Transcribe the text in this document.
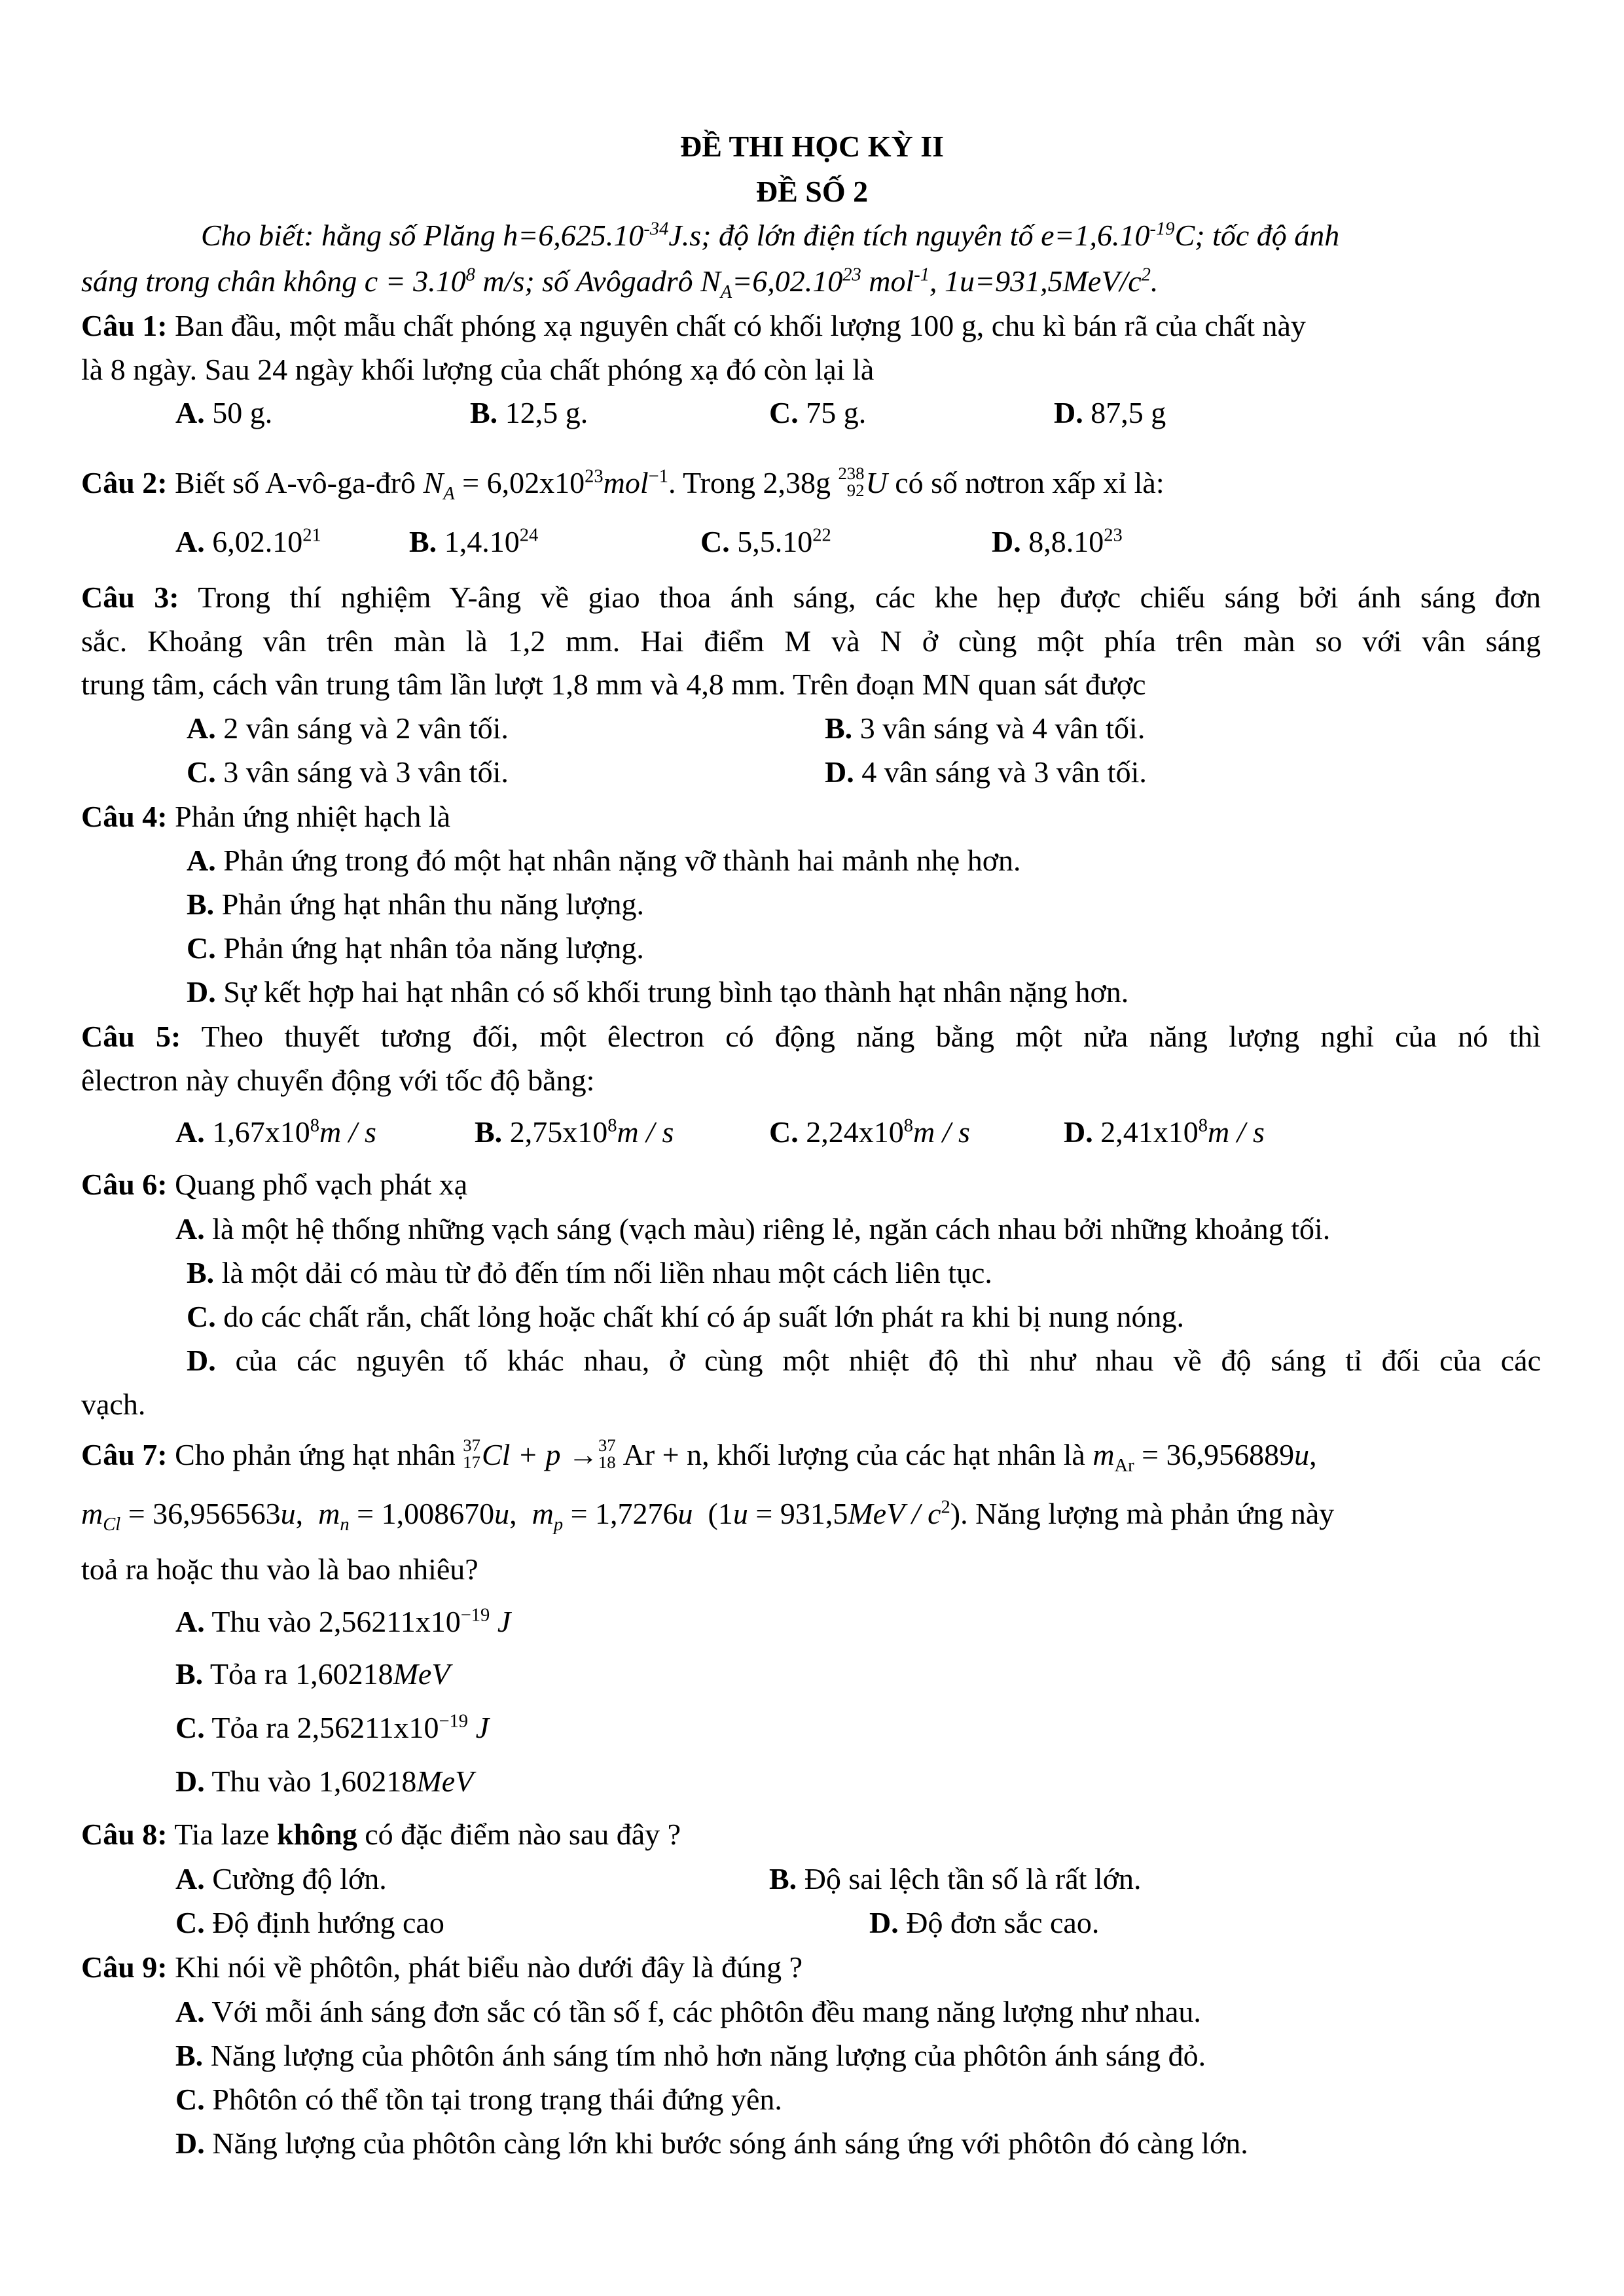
ĐỀ THI HỌC KỲ II
ĐỀ SỐ 2
Cho biết: hằng số Plăng $h=6,625.10^{-34}J.s$; độ lớn điện tích nguyên tố $e=1,6.10^{-19}C$; tốc độ ánh
sáng trong chân không $c = 3.10^8$ m/s; số Avôgadrô $N_A=6,02.10^{23}$ mol$^{-1}$, $1u=931,5MeV/c^2$.
Câu 1: Ban đầu, một mẫu chất phóng xạ nguyên chất có khối lượng 100 g, chu kì bán rã của chất này
là 8 ngày. Sau 24 ngày khối lượng của chất phóng xạ đó còn lại là
A. 50 g.	B. 12,5 g.	C. 75 g.	D. 87,5 g
Câu 2: Biết số A-vô-ga-đrô $N_A = 6,02x10^{23}mol^{-1}$. Trong 2,38g 238
92 U có số nơtron xấp xỉ là:
A. 6,02.10$^{21}$	B. 1,4.10$^{24}$	C. 5,5.10$^{22}$	D. 8,8.10$^{23}$
Câu 3: Trong thí nghiệm Y-âng về giao thoa ánh sáng, các khe hẹp được chiếu sáng bởi ánh sáng đơn
sắc. Khoảng vân trên màn là 1,2 mm. Hai điểm M và N ở cùng một phía trên màn so với vân sáng
trung tâm, cách vân trung tâm lần lượt 1,8 mm và 4,8 mm. Trên đoạn MN quan sát được
A. 2 vân sáng và 2 vân tối.	B. 3 vân sáng và 4 vân tối.
C. 3 vân sáng và 3 vân tối.	D. 4 vân sáng và 3 vân tối.
Câu 4: Phản ứng nhiệt hạch là
A. Phản ứng trong đó một hạt nhân nặng vỡ thành hai mảnh nhẹ hơn.
B. Phản ứng hạt nhân thu năng lượng.
C. Phản ứng hạt nhân tỏa năng lượng.
D. Sự kết hợp hai hạt nhân có số khối trung bình tạo thành hạt nhân nặng hơn.
Câu 5: Theo thuyết tương đối, một êlectron có động năng bằng một nửa năng lượng nghỉ của nó thì
êlectron này chuyển động với tốc độ bằng:
A. $1,67x10^8m$ / s	B. $2,75x10^8m$ / s	C. $2,24x10^8m$ / s	D. $2,41x10^8m$ / s
Câu 6: Quang phổ vạch phát xạ
A. là một hệ thống những vạch sáng (vạch màu) riêng lẻ, ngăn cách nhau bởi những khoảng tối.
B. là một dải có màu từ đỏ đến tím nối liền nhau một cách liên tục.
C. do các chất rắn, chất lỏng hoặc chất khí có áp suất lớn phát ra khi bị nung nóng.
D. của các nguyên tố khác nhau, ở cùng một nhiệt độ thì như nhau về độ sáng tỉ đối của các
vạch.
Câu 7: Cho phản ứng hạt nhân 37
17 Cl + p → 37
18 Ar + n, khối lượng của các hạt nhân là $m_{Ar} = 36,956889u$,
$m_{Cl} = 36,956563u$,  $m_n = 1,008670u$,  $m_p = 1,7276u$ $(1u = 931,5MeV / c^2)$. Năng lượng mà phản ứng này
toả ra hoặc thu vào là bao nhiêu?
A. Thu vào $2,56211x10^{-19}$ J
B. Tỏa ra 1,60218MeV
C. Tỏa ra $2,56211x10^{-19}$ J
D. Thu vào 1,60218MeV
Câu 8: Tia laze không có đặc điểm nào sau đây ?
A. Cường độ lớn.	B. Độ sai lệch tần số là rất lớn.
C. Độ định hướng cao	D. Độ đơn sắc cao.
Câu 9: Khi nói về phôtôn, phát biểu nào dưới đây là đúng ?
A. Với mỗi ánh sáng đơn sắc có tần số f, các phôtôn đều mang năng lượng như nhau.
B. Năng lượng của phôtôn ánh sáng tím nhỏ hơn năng lượng của phôtôn ánh sáng đỏ.
C. Phôtôn có thể tồn tại trong trạng thái đứng yên.
D. Năng lượng của phôtôn càng lớn khi bước sóng ánh sáng ứng với phôtôn đó càng lớn.
